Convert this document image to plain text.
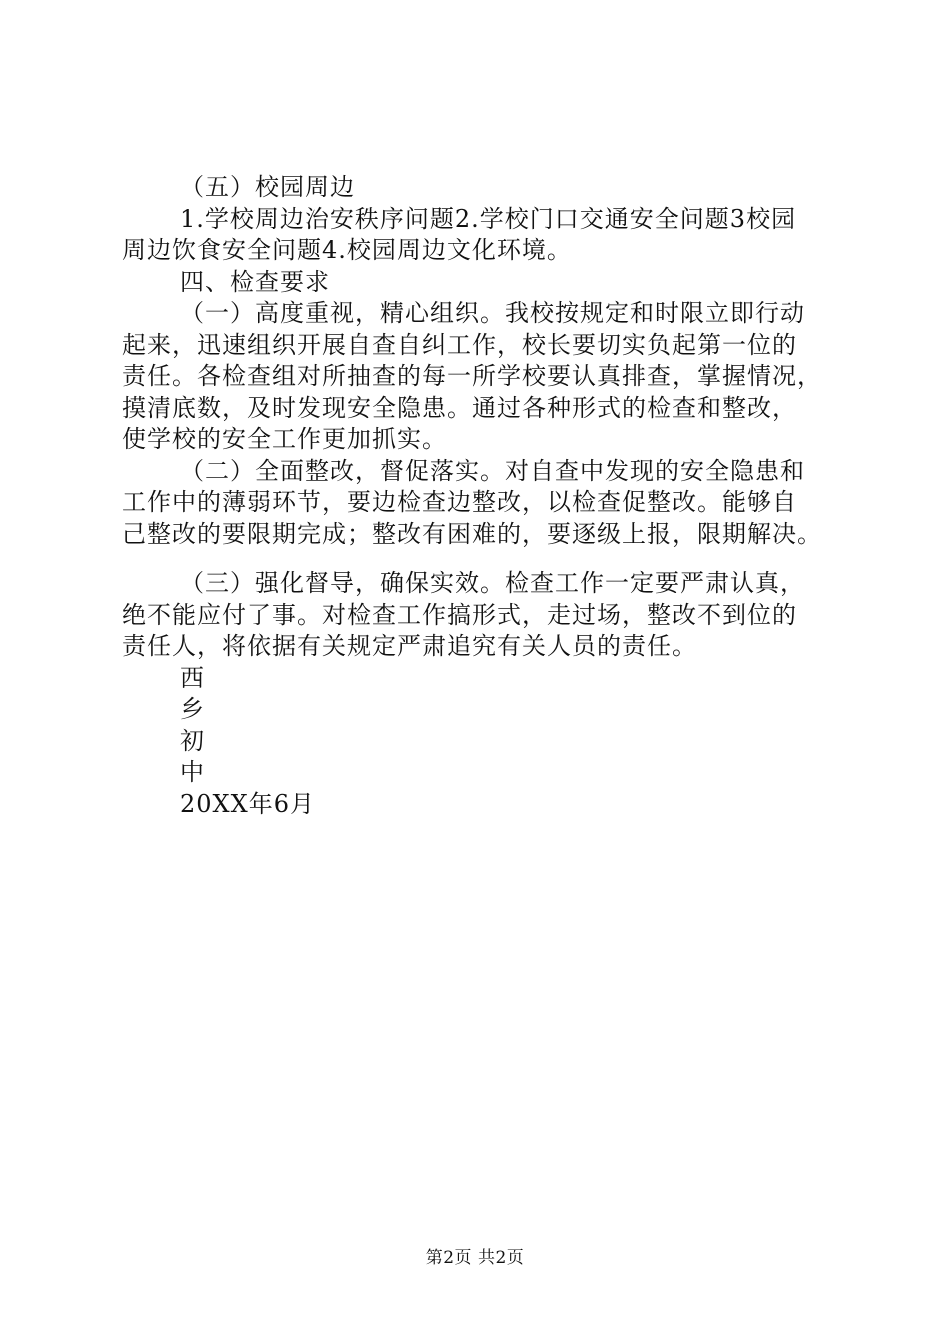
（五）校园周边
1.学校周边治安秩序问题2.学校门口交通安全问题3校园
周边饮食安全问题4.校园周边文化环境。
四、检查要求
（一）高度重视，精心组织。我校按规定和时限立即行动
起来，迅速组织开展自查自纠工作，校长要切实负起第一位的
责任。各检查组对所抽查的每一所学校要认真排查，掌握情况，
摸清底数，及时发现安全隐患。通过各种形式的检查和整改，
使学校的安全工作更加抓实。
（二）全面整改，督促落实。对自查中发现的安全隐患和
工作中的薄弱环节，要边检查边整改，以检查促整改。能够自
己整改的要限期完成；整改有困难的，要逐级上报，限期解决。
（三）强化督导，确保实效。检查工作一定要严肃认真，
绝不能应付了事。对检查工作搞形式，走过场，整改不到位的
责任人，将依据有关规定严肃追究有关人员的责任。
西
乡
初
中
20XX年6月
第2页 共2页
